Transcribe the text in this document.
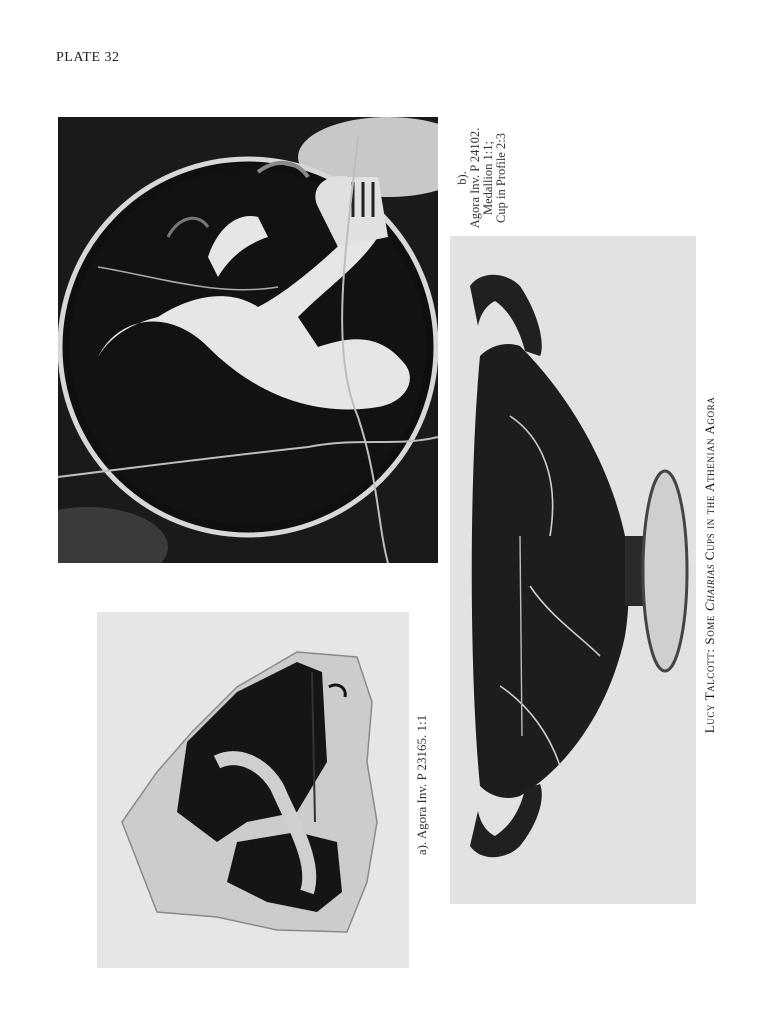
PLATE 32
b). Agora Inv. P 24102. Medallion 1:1; Cup in Profile 2:3
a). Agora Inv. P 23165. 1:1
Lucy Talcott: Some Chairias Cups in the Athenian Agora
